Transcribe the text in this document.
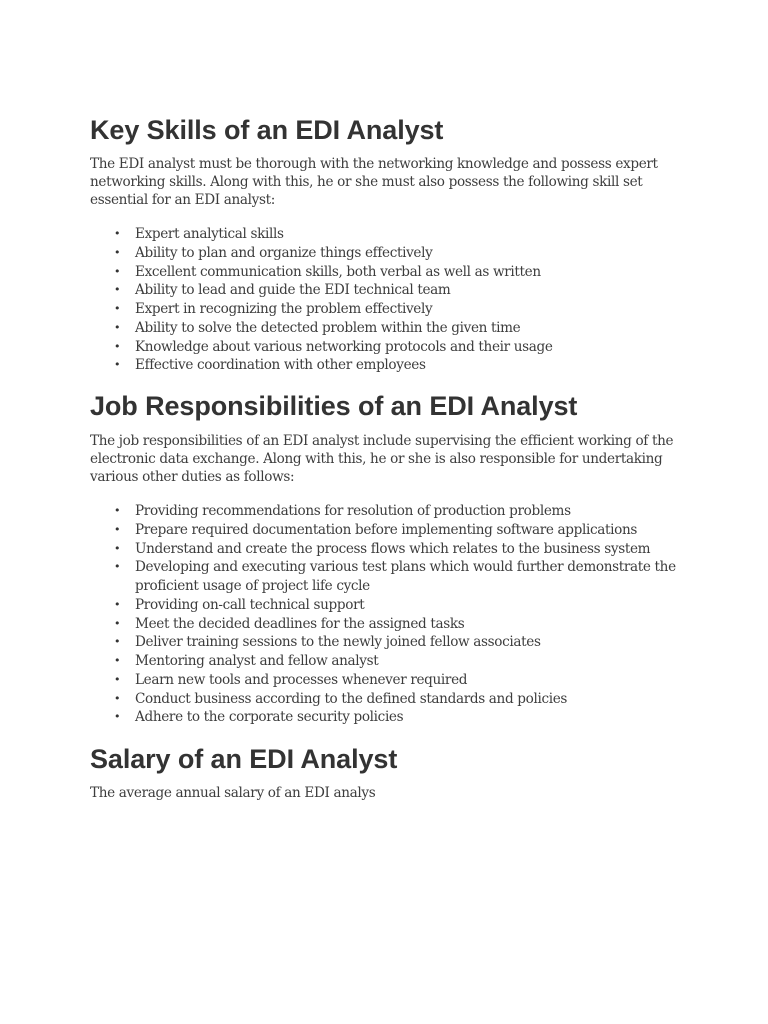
Key Skills of an EDI Analyst

The EDI analyst must be thorough with the networking knowledge and possess expert networking skills. Along with this, he or she must also possess the following skill set essential for an EDI analyst:

• Expert analytical skills
• Ability to plan and organize things effectively
• Excellent communication skills, both verbal as well as written
• Ability to lead and guide the EDI technical team
• Expert in recognizing the problem effectively
• Ability to solve the detected problem within the given time
• Knowledge about various networking protocols and their usage
• Effective coordination with other employees
Job Responsibilities of an EDI Analyst

The job responsibilities of an EDI analyst include supervising the efficient working of the electronic data exchange. Along with this, he or she is also responsible for undertaking various other duties as follows:

• Providing recommendations for resolution of production problems
• Prepare required documentation before implementing software applications
• Understand and create the process flows which relates to the business system
• Developing and executing various test plans which would further demonstrate the proficient usage of project life cycle
• Providing on-call technical support
• Meet the decided deadlines for the assigned tasks
• Deliver training sessions to the newly joined fellow associates
• Mentoring analyst and fellow analyst
• Learn new tools and processes whenever required
• Conduct business according to the defined standards and policies
• Adhere to the corporate security policies
Salary of an EDI Analyst

The average annual salary of an EDI analys
